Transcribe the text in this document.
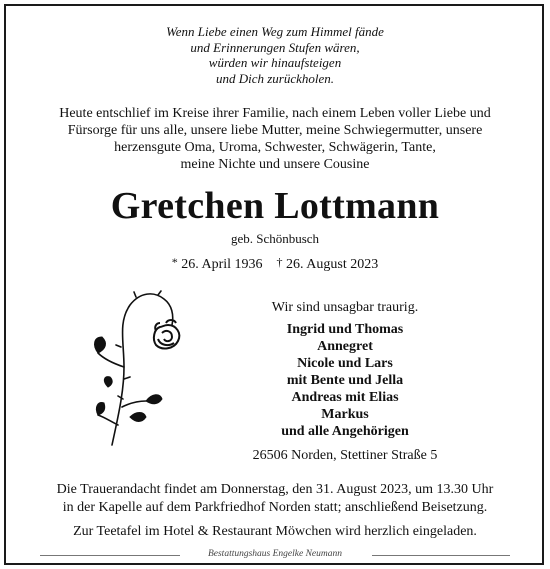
Wenn Liebe einen Weg zum Himmel fände
und Erinnerungen Stufen wären,
würden wir hinaufsteigen
und Dich zurückholen.
Heute entschlief im Kreise ihrer Familie, nach einem Leben voller Liebe und
Fürsorge für uns alle, unsere liebe Mutter, meine Schwiegermutter, unsere
herzensgute Oma, Uroma, Schwester, Schwägerin, Tante,
meine Nichte und unsere Cousine
Gretchen Lottmann
geb. Schönbusch
* 26. April 1936 † 26. August 2023
Wir sind unsagbar traurig.
Ingrid und Thomas
Annegret
Nicole und Lars
mit Bente und Jella
Andreas mit Elias
Markus
und alle Angehörigen
26506 Norden, Stettiner Straße 5
Die Trauerandacht findet am Donnerstag, den 31. August 2023, um 13.30 Uhr
in der Kapelle auf dem Parkfriedhof Norden statt; anschließend Beisetzung.
Zur Teetafel im Hotel & Restaurant Möwchen wird herzlich eingeladen.
Bestattungshaus Engelke Neumann
